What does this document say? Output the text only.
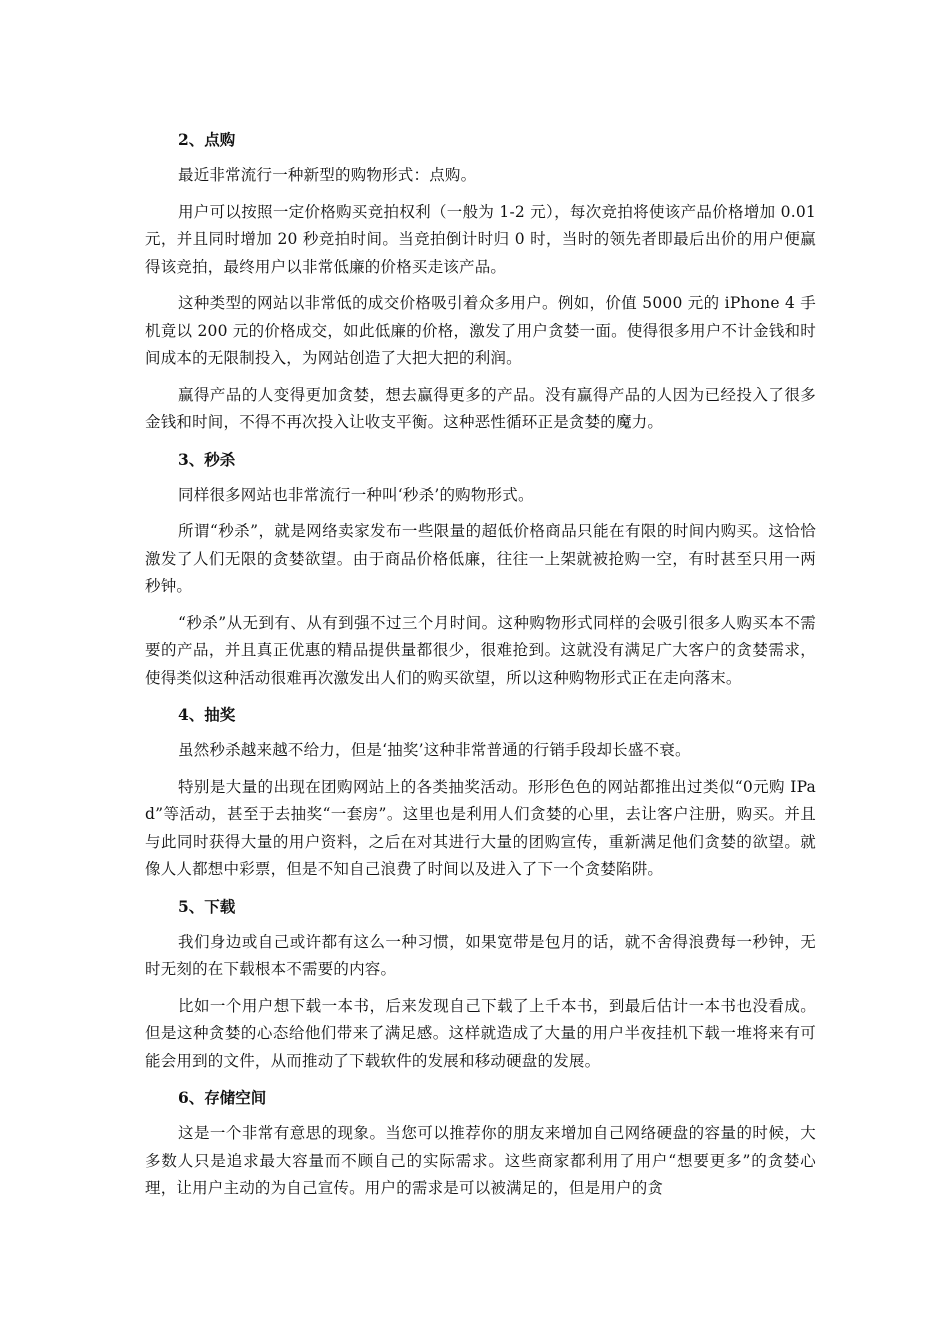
2、点购

最近非常流行一种新型的购物形式：点购。

用户可以按照一定价格购买竞拍权利（一般为 1-2 元），每次竞拍将使该产品价格增加 0.01 元，并且同时增加 20 秒竞拍时间。当竞拍倒计时归 0 时，当时的领先者即最后出价的用户便赢得该竞拍，最终用户以非常低廉的价格买走该产品。

这种类型的网站以非常低的成交价格吸引着众多用户。例如，价值 5000 元的 iPhone 4 手机竟以 200 元的价格成交，如此低廉的价格，激发了用户贪婪一面。使得很多用户不计金钱和时间成本的无限制投入，为网站创造了大把大把的利润。

赢得产品的人变得更加贪婪，想去赢得更多的产品。没有赢得产品的人因为已经投入了很多金钱和时间，不得不再次投入让收支平衡。这种恶性循环正是贪婪的魔力。

3、秒杀

同样很多网站也非常流行一种叫‘秒杀’的购物形式。

所谓“秒杀”，就是网络卖家发布一些限量的超低价格商品只能在有限的时间内购买。这恰恰激发了人们无限的贪婪欲望。由于商品价格低廉，往往一上架就被抢购一空，有时甚至只用一两秒钟。

“秒杀”从无到有、从有到强不过三个月时间。这种购物形式同样的会吸引很多人购买本不需要的产品，并且真正优惠的精品提供量都很少，很难抢到。这就没有满足广大客户的贪婪需求，使得类似这种活动很难再次激发出人们的购买欲望，所以这种购物形式正在走向落末。

4、抽奖

虽然秒杀越来越不给力，但是‘抽奖’这种非常普通的行销手段却长盛不衰。

特别是大量的出现在团购网站上的各类抽奖活动。形形色色的网站都推出过类似“0元购 IPad”等活动，甚至于去抽奖“一套房”。这里也是利用人们贪婪的心里，去让客户注册，购买。并且与此同时获得大量的用户资料，之后在对其进行大量的团购宣传，重新满足他们贪婪的欲望。就像人人都想中彩票，但是不知自己浪费了时间以及进入了下一个贪婪陷阱。

5、下载

我们身边或自己或许都有这么一种习惯，如果宽带是包月的话，就不舍得浪费每一秒钟，无时无刻的在下载根本不需要的内容。

比如一个用户想下载一本书，后来发现自己下载了上千本书，到最后估计一本书也没看成。但是这种贪婪的心态给他们带来了满足感。这样就造成了大量的用户半夜挂机下载一堆将来有可能会用到的文件，从而推动了下载软件的发展和移动硬盘的发展。

6、存储空间

这是一个非常有意思的现象。当您可以推荐你的朋友来增加自己网络硬盘的容量的时候，大多数人只是追求最大容量而不顾自己的实际需求。这些商家都利用了用户“想要更多”的贪婪心理，让用户主动的为自己宣传。用户的需求是可以被满足的，但是用户的贪
